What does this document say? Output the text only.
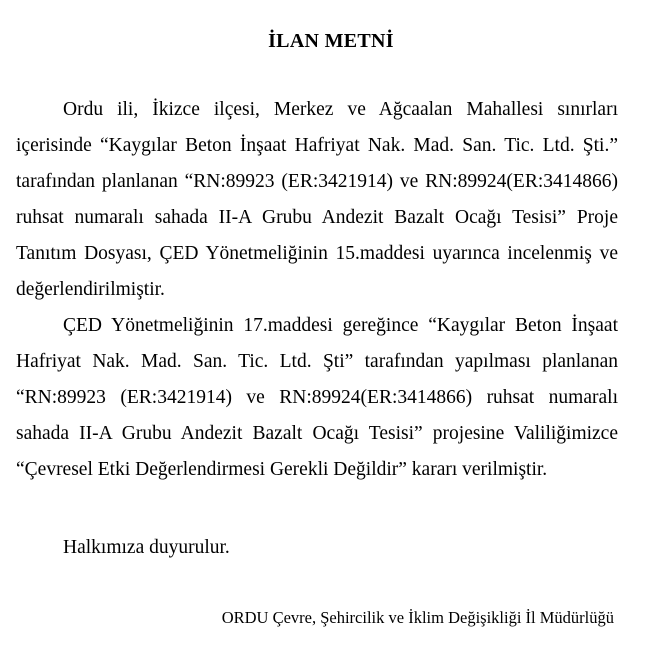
İLAN METNİ

Ordu ili, İkizce ilçesi, Merkez ve Ağcaalan Mahallesi sınırları içerisinde “Kaygılar Beton İnşaat Hafriyat Nak. Mad. San. Tic. Ltd. Şti.” tarafından planlanan “RN:89923 (ER:3421914) ve RN:89924(ER:3414866) ruhsat numaralı sahada II-A Grubu Andezit Bazalt Ocağı Tesisi” Proje Tanıtım Dosyası, ÇED Yönetmeliğinin 15.maddesi uyarınca incelenmiş ve değerlendirilmiştir.

ÇED Yönetmeliğinin 17.maddesi gereğince “Kaygılar Beton İnşaat Hafriyat Nak. Mad. San. Tic. Ltd. Şti” tarafından yapılması planlanan “RN:89923 (ER:3421914) ve RN:89924(ER:3414866) ruhsat numaralı sahada II-A Grubu Andezit Bazalt Ocağı Tesisi” projesine Valiliğimizce “Çevresel Etki Değerlendirmesi Gerekli Değildir” kararı verilmiştir.

Halkımıza duyurulur.
ORDU Çevre, Şehircilik ve İklim Değişikliği İl Müdürlüğü
